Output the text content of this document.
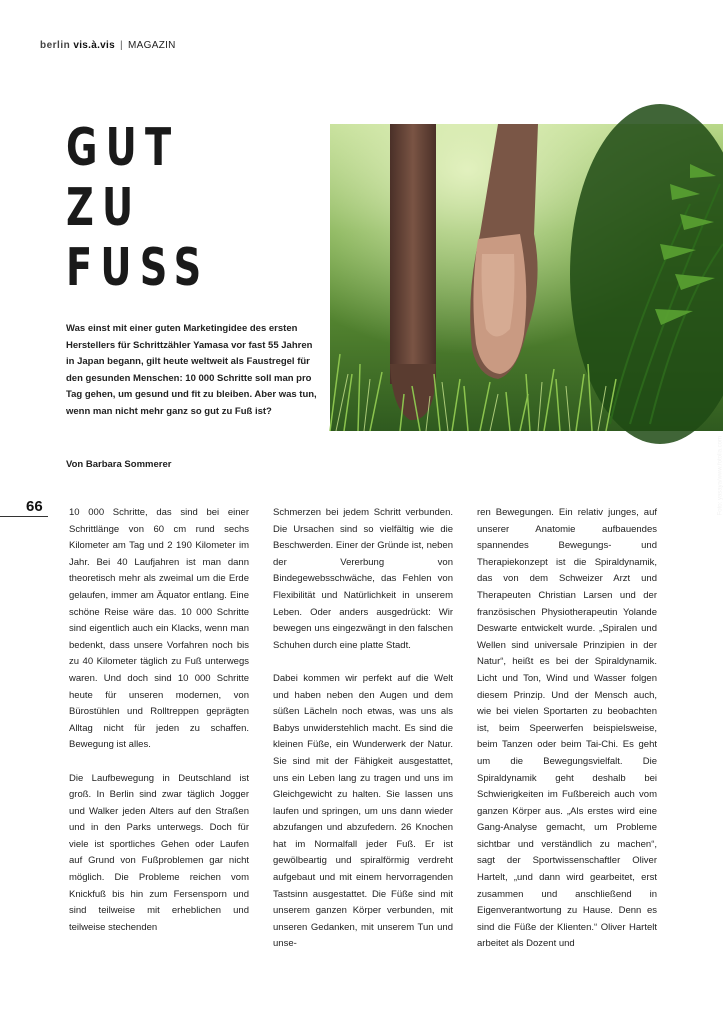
berlin vis.à.vis | MAGAZIN
GUT
ZU
FUSS
Foto: yasaya/www.fotolia.com

Was einst mit einer guten Marketingidee des ersten Herstellers für Schrittzähler Yamasa vor fast 55 Jahren in Japan begann, gilt heute weltweit als Faustregel für den gesunden Menschen: 10 000 Schritte soll man pro Tag gehen, um gesund und fit zu bleiben. Aber was tun, wenn man nicht mehr ganz so gut zu Fuß ist?

Von Barbara Sommerer
66	10 000 Schritte, das sind bei einer Schrittlänge von 60 cm rund sechs Kilometer am Tag und 2 190 Kilometer im Jahr. Bei 40 Laufjahren ist man dann theoretisch mehr als zweimal um die Erde gelaufen, immer am Äquator entlang. Eine schöne Reise wäre das. 10 000 Schritte sind eigentlich auch ein Klacks, wenn man bedenkt, dass unsere Vorfahren noch bis zu 40 Kilometer täglich zu Fuß unterwegs waren. Und doch sind 10 000 Schritte heute für unseren modernen, von Bürostühlen und Rolltreppen geprägten Alltag nicht für jeden zu schaffen. Bewegung ist alles.

Die Laufbewegung in Deutschland ist groß. In Berlin sind zwar täglich Jogger und Walker jeden Alters auf den Straßen und in den Parks unterwegs. Doch für viele ist sportliches Gehen oder Laufen auf Grund von Fußproblemen gar nicht möglich. Die Probleme reichen vom Knickfuß bis hin zum Fersensporn und sind teilweise mit erheblichen und teilweise stechenden

Schmerzen bei jedem Schritt verbunden. Die Ursachen sind so vielfältig wie die Beschwerden. Einer der Gründe ist, neben der Vererbung von Bindegewebsschwäche, das Fehlen von Flexibilität und Natürlichkeit in unserem Leben. Oder anders ausgedrückt: Wir bewegen uns eingezwängt in den falschen Schuhen durch eine platte Stadt.

Dabei kommen wir perfekt auf die Welt und haben neben den Augen und dem süßen Lächeln noch etwas, was uns als Babys unwiderstehlich macht. Es sind die kleinen Füße, ein Wunderwerk der Natur. Sie sind mit der Fähigkeit ausgestattet, uns ein Leben lang zu tragen und uns im Gleichgewicht zu halten. Sie lassen uns laufen und springen, um uns dann wieder abzufangen und abzufedern. 26 Knochen hat im Normalfall jeder Fuß. Er ist gewölbeartig und spiralförmig verdreht aufgebaut und mit einem hervorragenden Tastsinn ausgestattet. Die Füße sind mit unserem ganzen Körper verbunden, mit unseren Gedanken, mit unserem Tun und unse-

ren Bewegungen. Ein relativ junges, auf unserer Anatomie aufbauendes spannendes Bewegungs- und Therapiekonzept ist die Spiraldynamik, das von dem Schweizer Arzt und Therapeuten Christian Larsen und der französischen Physiotherapeutin Yolande Deswarte entwickelt wurde. „Spiralen und Wellen sind universale Prinzipien in der Natur“, heißt es bei der Spiraldynamik. Licht und Ton, Wind und Wasser folgen diesem Prinzip. Und der Mensch auch, wie bei vielen Sportarten zu beobachten ist, beim Speerwerfen beispielsweise, beim Tanzen oder beim Tai-Chi. Es geht um die Bewegungsvielfalt. Die Spiraldynamik geht deshalb bei Schwierigkeiten im Fußbereich auch vom ganzen Körper aus. „Als erstes wird eine Gang-Analyse gemacht, um Probleme sichtbar und verständlich zu machen“, sagt der Sportwissenschaftler Oliver Hartelt, „und dann wird gearbeitet, erst zusammen und anschließend in Eigenverantwortung zu Hause. Denn es sind die Füße der Klienten.“ Oliver Hartelt arbeitet als Dozent und
